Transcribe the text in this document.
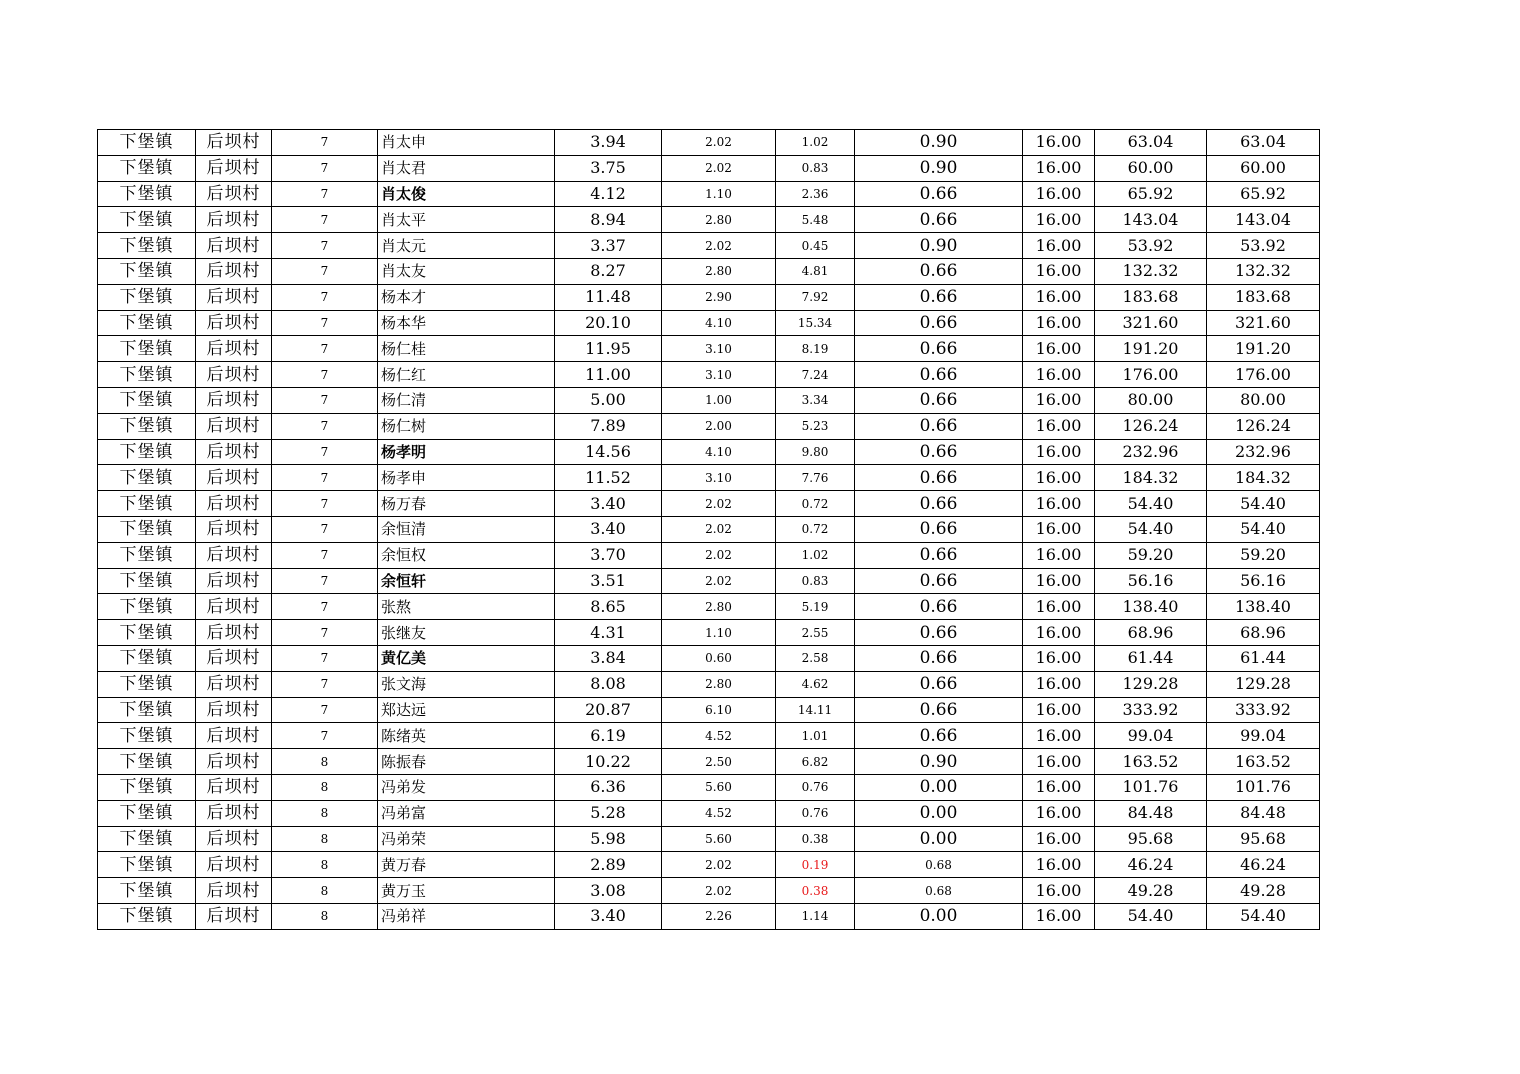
下堡镇	后坝村	7	肖太申	3.94	2.02	1.02	0.90	16.00	63.04	63.04
下堡镇	后坝村	7	肖太君	3.75	2.02	0.83	0.90	16.00	60.00	60.00
下堡镇	后坝村	7	肖太俊	4.12	1.10	2.36	0.66	16.00	65.92	65.92
下堡镇	后坝村	7	肖太平	8.94	2.80	5.48	0.66	16.00	143.04	143.04
下堡镇	后坝村	7	肖太元	3.37	2.02	0.45	0.90	16.00	53.92	53.92
下堡镇	后坝村	7	肖太友	8.27	2.80	4.81	0.66	16.00	132.32	132.32
下堡镇	后坝村	7	杨本才	11.48	2.90	7.92	0.66	16.00	183.68	183.68
下堡镇	后坝村	7	杨本华	20.10	4.10	15.34	0.66	16.00	321.60	321.60
下堡镇	后坝村	7	杨仁桂	11.95	3.10	8.19	0.66	16.00	191.20	191.20
下堡镇	后坝村	7	杨仁红	11.00	3.10	7.24	0.66	16.00	176.00	176.00
下堡镇	后坝村	7	杨仁清	5.00	1.00	3.34	0.66	16.00	80.00	80.00
下堡镇	后坝村	7	杨仁树	7.89	2.00	5.23	0.66	16.00	126.24	126.24
下堡镇	后坝村	7	杨孝明	14.56	4.10	9.80	0.66	16.00	232.96	232.96
下堡镇	后坝村	7	杨孝申	11.52	3.10	7.76	0.66	16.00	184.32	184.32
下堡镇	后坝村	7	杨万春	3.40	2.02	0.72	0.66	16.00	54.40	54.40
下堡镇	后坝村	7	余恒清	3.40	2.02	0.72	0.66	16.00	54.40	54.40
下堡镇	后坝村	7	余恒权	3.70	2.02	1.02	0.66	16.00	59.20	59.20
下堡镇	后坝村	7	余恒轩	3.51	2.02	0.83	0.66	16.00	56.16	56.16
下堡镇	后坝村	7	张熬	8.65	2.80	5.19	0.66	16.00	138.40	138.40
下堡镇	后坝村	7	张继友	4.31	1.10	2.55	0.66	16.00	68.96	68.96
下堡镇	后坝村	7	黄亿美	3.84	0.60	2.58	0.66	16.00	61.44	61.44
下堡镇	后坝村	7	张文海	8.08	2.80	4.62	0.66	16.00	129.28	129.28
下堡镇	后坝村	7	郑达远	20.87	6.10	14.11	0.66	16.00	333.92	333.92
下堡镇	后坝村	7	陈绪英	6.19	4.52	1.01	0.66	16.00	99.04	99.04
下堡镇	后坝村	8	陈振春	10.22	2.50	6.82	0.90	16.00	163.52	163.52
下堡镇	后坝村	8	冯弟发	6.36	5.60	0.76	0.00	16.00	101.76	101.76
下堡镇	后坝村	8	冯弟富	5.28	4.52	0.76	0.00	16.00	84.48	84.48
下堡镇	后坝村	8	冯弟荣	5.98	5.60	0.38	0.00	16.00	95.68	95.68
下堡镇	后坝村	8	黄万春	2.89	2.02	0.19	0.68	16.00	46.24	46.24
下堡镇	后坝村	8	黄万玉	3.08	2.02	0.38	0.68	16.00	49.28	49.28
下堡镇	后坝村	8	冯弟祥	3.40	2.26	1.14	0.00	16.00	54.40	54.40
